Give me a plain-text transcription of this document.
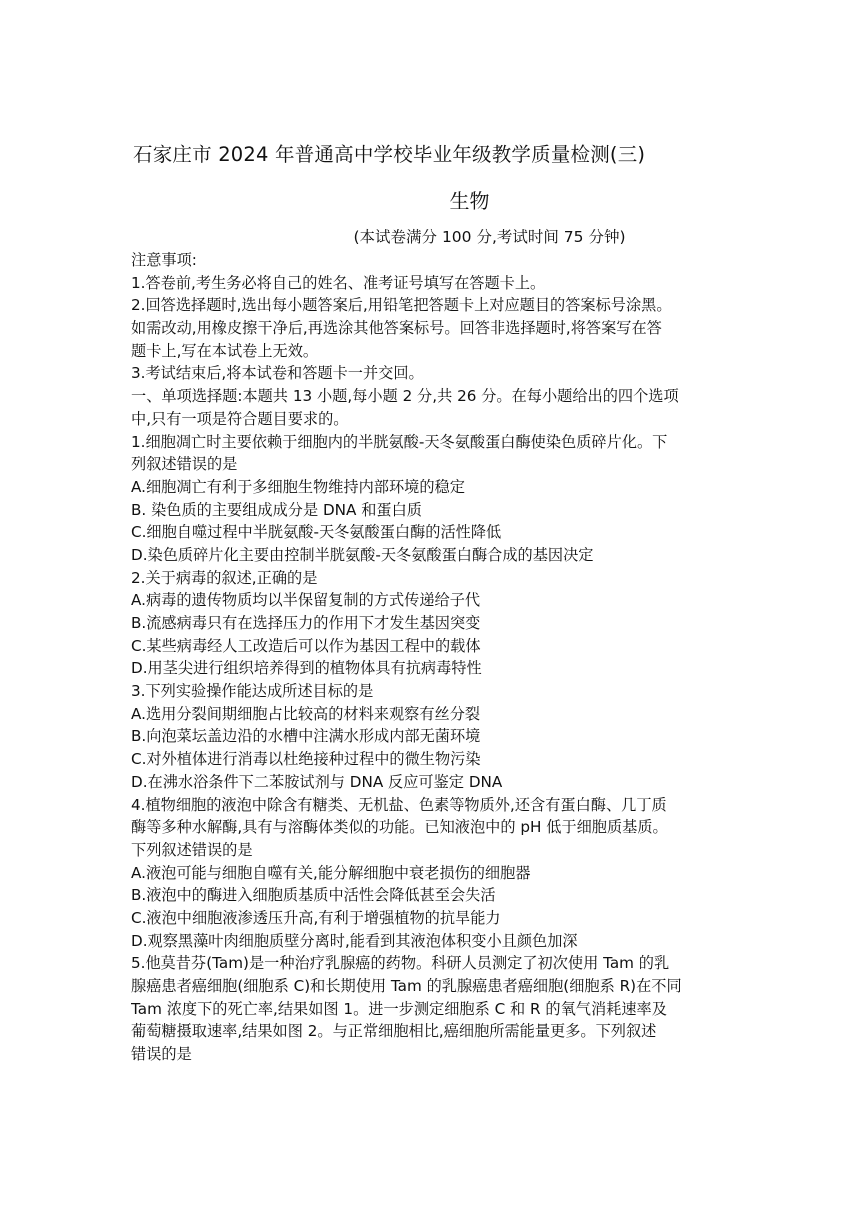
石家庄市 2024 年普通高中学校毕业年级教学质量检测(三)
生物
(本试卷满分 100 分,考试时间 75 分钟)
注意事项:
1.答卷前,考生务必将自己的姓名、准考证号填写在答题卡上。
2.回答选择题时,选出每小题答案后,用铅笔把答题卡上对应题目的答案标号涂黑。
如需改动,用橡皮擦干净后,再选涂其他答案标号。回答非选择题时,将答案写在答
题卡上,写在本试卷上无效。
3.考试结束后,将本试卷和答题卡一并交回。
一、单项选择题:本题共 13 小题,每小题 2 分,共 26 分。在每小题给出的四个选项
中,只有一项是符合题目要求的。
1.细胞凋亡时主要依赖于细胞内的半胱氨酸-天冬氨酸蛋白酶使染色质碎片化。下
列叙述错误的是
A.细胞凋亡有利于多细胞生物维持内部环境的稳定
B. 染色质的主要组成成分是 DNA 和蛋白质
C.细胞自噬过程中半胱氨酸-天冬氨酸蛋白酶的活性降低
D.染色质碎片化主要由控制半胱氨酸-天冬氨酸蛋白酶合成的基因决定
2.关于病毒的叙述,正确的是
A.病毒的遗传物质均以半保留复制的方式传递给子代
B.流感病毒只有在选择压力的作用下才发生基因突变
C.某些病毒经人工改造后可以作为基因工程中的载体
D.用茎尖进行组织培养得到的植物体具有抗病毒特性
3.下列实验操作能达成所述目标的是
A.选用分裂间期细胞占比较高的材料来观察有丝分裂
B.向泡菜坛盖边沿的水槽中注满水形成内部无菌环境
C.对外植体进行消毒以杜绝接种过程中的微生物污染
D.在沸水浴条件下二苯胺试剂与 DNA 反应可鉴定 DNA
4.植物细胞的液泡中除含有糖类、无机盐、色素等物质外,还含有蛋白酶、几丁质
酶等多种水解酶,具有与溶酶体类似的功能。已知液泡中的 pH 低于细胞质基质。
下列叙述错误的是
A.液泡可能与细胞自噬有关,能分解细胞中衰老损伤的细胞器
B.液泡中的酶进入细胞质基质中活性会降低甚至会失活
C.液泡中细胞液渗透压升高,有利于增强植物的抗旱能力
D.观察黑藻叶肉细胞质壁分离时,能看到其液泡体积变小且颜色加深
5.他莫昔芬(Tam)是一种治疗乳腺癌的药物。科研人员测定了初次使用 Tam 的乳
腺癌患者癌细胞(细胞系 C)和长期使用 Tam 的乳腺癌患者癌细胞(细胞系 R)在不同
Tam 浓度下的死亡率,结果如图 1。进一步测定细胞系 C 和 R 的氧气消耗速率及
葡萄糖摄取速率,结果如图 2。与正常细胞相比,癌细胞所需能量更多。下列叙述
错误的是
